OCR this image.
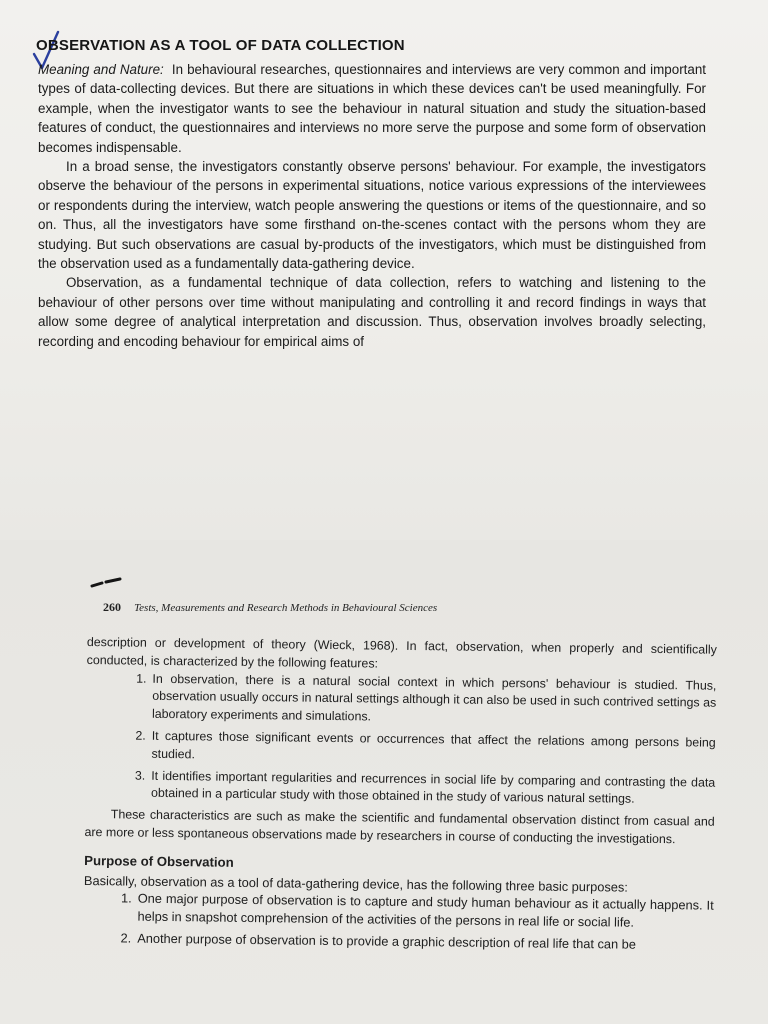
OBSERVATION AS A TOOL OF DATA COLLECTION

Meaning and Nature: In behavioural researches, questionnaires and interviews are very common and important types of data-collecting devices. But there are situations in which these devices can't be used meaningfully. For example, when the investigator wants to see the behaviour in natural situation and study the situation-based features of conduct, the questionnaires and interviews no more serve the purpose and some form of observation becomes indispensable.

In a broad sense, the investigators constantly observe persons' behaviour. For example, the investigators observe the behaviour of the persons in experimental situations, notice various expressions of the interviewees or respondents during the interview, watch people answering the questions or items of the questionnaire, and so on. Thus, all the investigators have some firsthand on-the-scenes contact with the persons whom they are studying. But such observations are casual by-products of the investigators, which must be distinguished from the observation used as a fundamentally data-gathering device.

Observation, as a fundamental technique of data collection, refers to watching and listening to the behaviour of other persons over time without manipulating and controlling it and record findings in ways that allow some degree of analytical interpretation and discussion. Thus, observation involves broadly selecting, recording and encoding behaviour for empirical aims of

260 Tests, Measurements and Research Methods in Behavioural Sciences

description or development of theory (Wieck, 1968). In fact, observation, when properly and scientifically conducted, is characterized by the following features:

1. In observation, there is a natural social context in which persons' behaviour is studied. Thus, observation usually occurs in natural settings although it can also be used in such contrived settings as laboratory experiments and simulations.
2. It captures those significant events or occurrences that affect the relations among persons being studied.
3. It identifies important regularities and recurrences in social life by comparing and contrasting the data obtained in a particular study with those obtained in the study of various natural settings.

These characteristics are such as make the scientific and fundamental observation distinct from casual and are more or less spontaneous observations made by researchers in course of conducting the investigations.

Purpose of Observation

Basically, observation as a tool of data-gathering device, has the following three basic purposes:

1. One major purpose of observation is to capture and study human behaviour as it actually happens. It helps in snapshot comprehension of the activities of the persons in real life or social life.
2. Another purpose of observation is to provide a graphic description of real life that can be
